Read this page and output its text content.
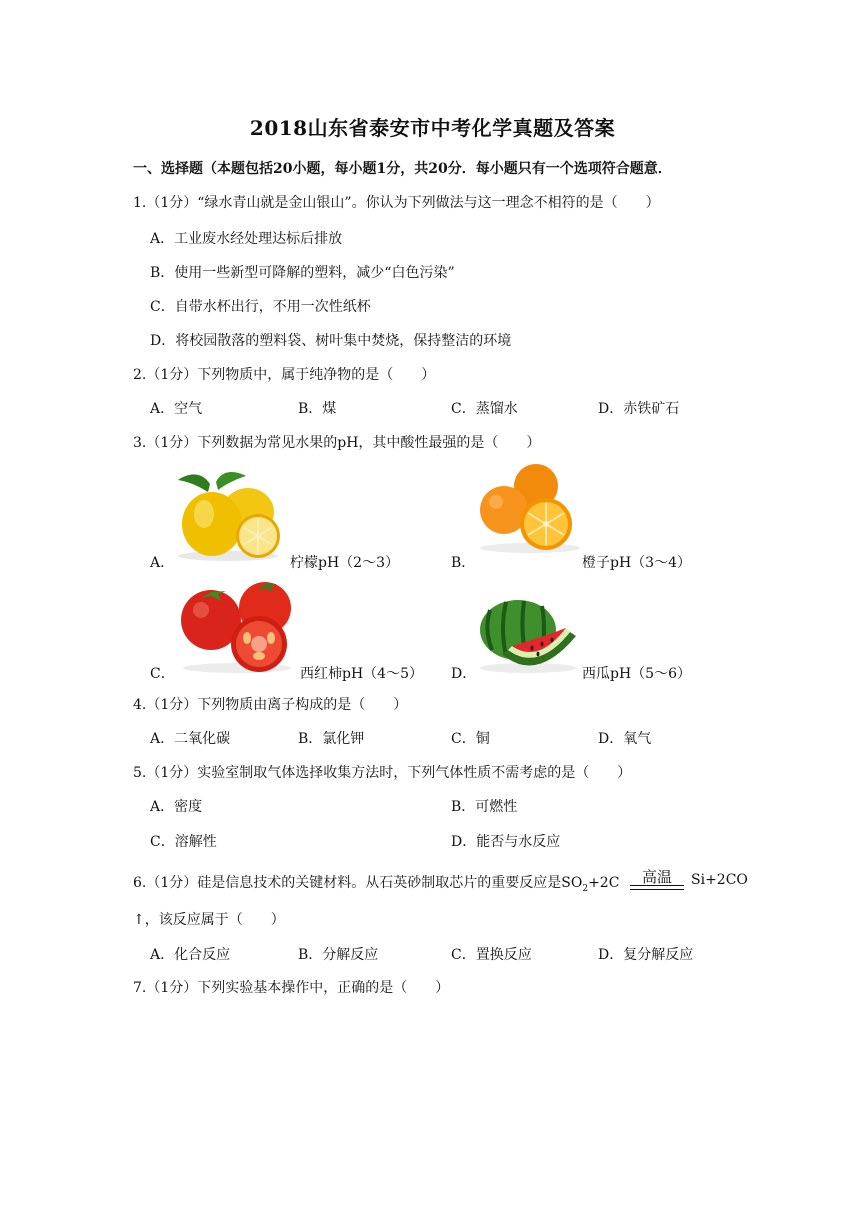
2018山东省泰安市中考化学真题及答案
一、选择题（本题包括20小题，每小题1分，共20分．每小题只有一个选项符合题意．
1.（1分）“绿水青山就是金山银山”。你认为下列做法与这一理念不相符的是（　　）
A．工业废水经处理达标后排放
B．使用一些新型可降解的塑料，减少“白色污染”
C．自带水杯出行，不用一次性纸杯
D．将校园散落的塑料袋、树叶集中焚烧，保持整洁的环境
2.（1分）下列物质中，属于纯净物的是（　　）
A．空气	B．煤	C．蒸馏水	D．赤铁矿石
3.（1分）下列数据为常见水果的pH，其中酸性最强的是（　　）
A．	柠檬pH（2～3）	B．	橙子pH（3～4）
C．	西红柿pH（4～5） D．	西瓜pH（5～6）
4.（1分）下列物质由离子构成的是（　　）
A．二氧化碳	B．氯化钾	C．铜	D．氧气
5.（1分）实验室制取气体选择收集方法时，下列气体性质不需考虑的是（　　）
A．密度	B．可燃性
C．溶解性	D．能否与水反应
6.（1分）硅是信息技术的关键材料。从石英砂制取芯片的重要反应是$SO_2+2C$	高温	Si+2CO
↑，该反应属于（　　）
A．化合反应	B．分解反应	C．置换反应	D．复分解反应
7.（1分）下列实验基本操作中，正确的是（　　）
